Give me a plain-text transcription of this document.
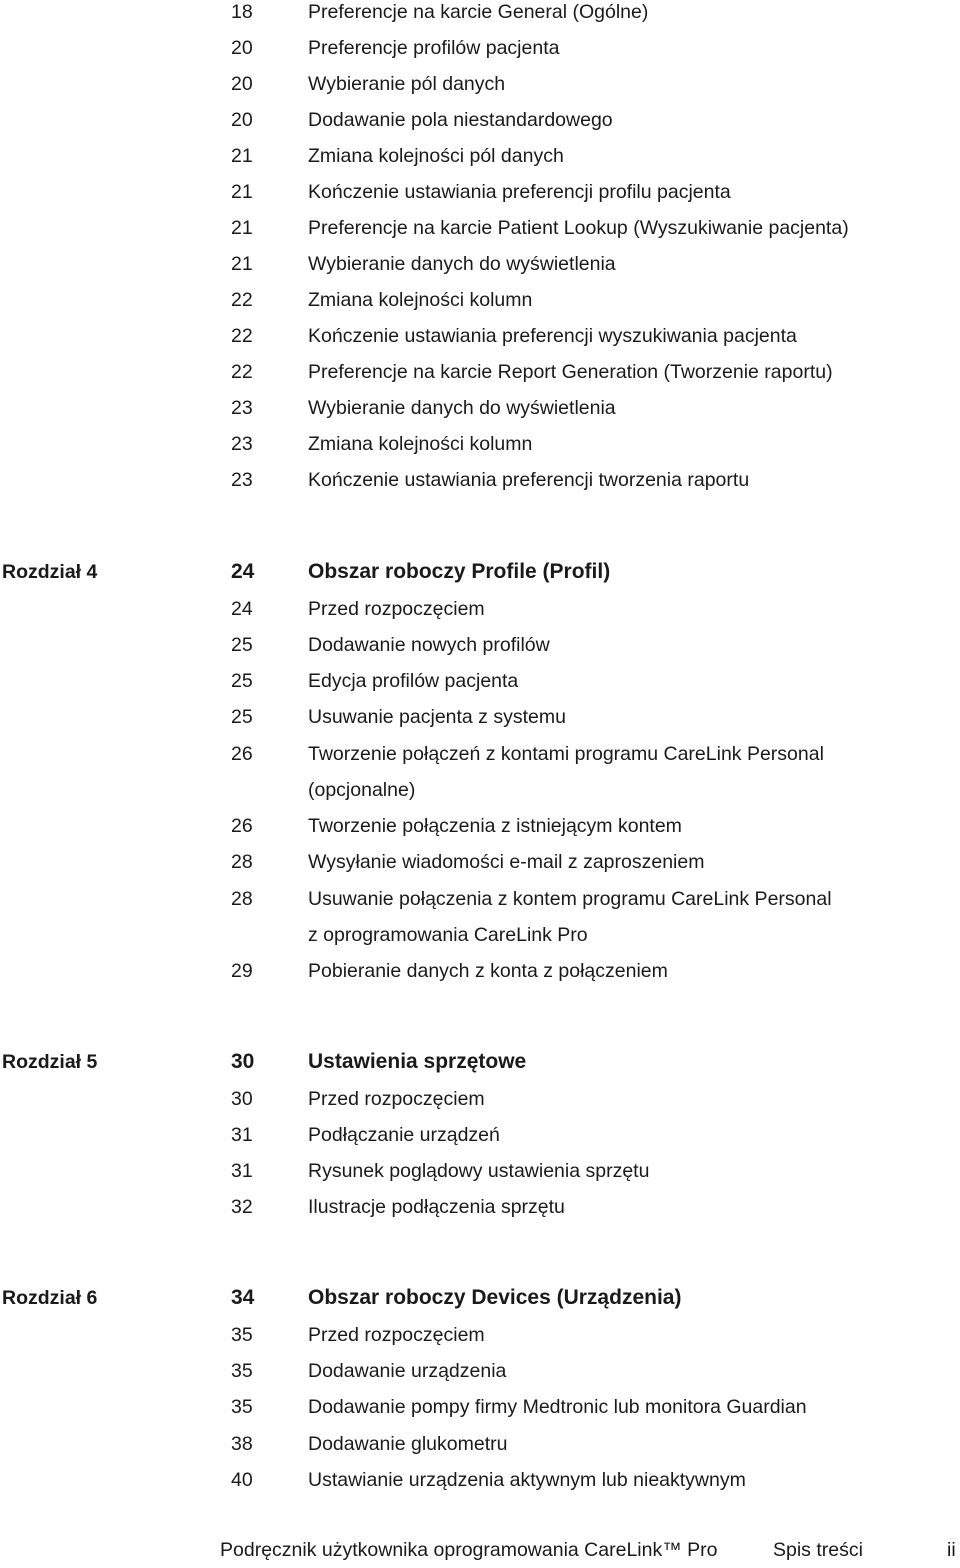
18	Preferencje na karcie General (Ogólne)
20	Preferencje profilów pacjenta
20	Wybieranie pól danych
20	Dodawanie pola niestandardowego
21	Zmiana kolejności pól danych
21	Kończenie ustawiania preferencji profilu pacjenta
21	Preferencje na karcie Patient Lookup (Wyszukiwanie pacjenta)
21	Wybieranie danych do wyświetlenia
22	Zmiana kolejności kolumn
22	Kończenie ustawiania preferencji wyszukiwania pacjenta
22	Preferencje na karcie Report Generation (Tworzenie raportu)
23	Wybieranie danych do wyświetlenia
23	Zmiana kolejności kolumn
23	Kończenie ustawiania preferencji tworzenia raportu
Rozdział 4	24	Obszar roboczy Profile (Profil)
24	Przed rozpoczęciem
25	Dodawanie nowych profilów
25	Edycja profilów pacjenta
25	Usuwanie pacjenta z systemu
26	Tworzenie połączeń z kontami programu CareLink Personal
(opcjonalne)
26	Tworzenie połączenia z istniejącym kontem
28	Wysyłanie wiadomości e-mail z zaproszeniem
28	Usuwanie połączenia z kontem programu CareLink Personal
z oprogramowania CareLink Pro
29	Pobieranie danych z konta z połączeniem
Rozdział 5	30	Ustawienia sprzętowe
30	Przed rozpoczęciem
31	Podłączanie urządzeń
31	Rysunek poglądowy ustawienia sprzętu
32	Ilustracje podłączenia sprzętu
Rozdział 6	34	Obszar roboczy Devices (Urządzenia)
35	Przed rozpoczęciem
35	Dodawanie urządzenia
35	Dodawanie pompy firmy Medtronic lub monitora Guardian
38	Dodawanie glukometru
40	Ustawianie urządzenia aktywnym lub nieaktywnym
Podręcznik użytkownika oprogramowania CareLink™ Pro	Spis treści	ii
